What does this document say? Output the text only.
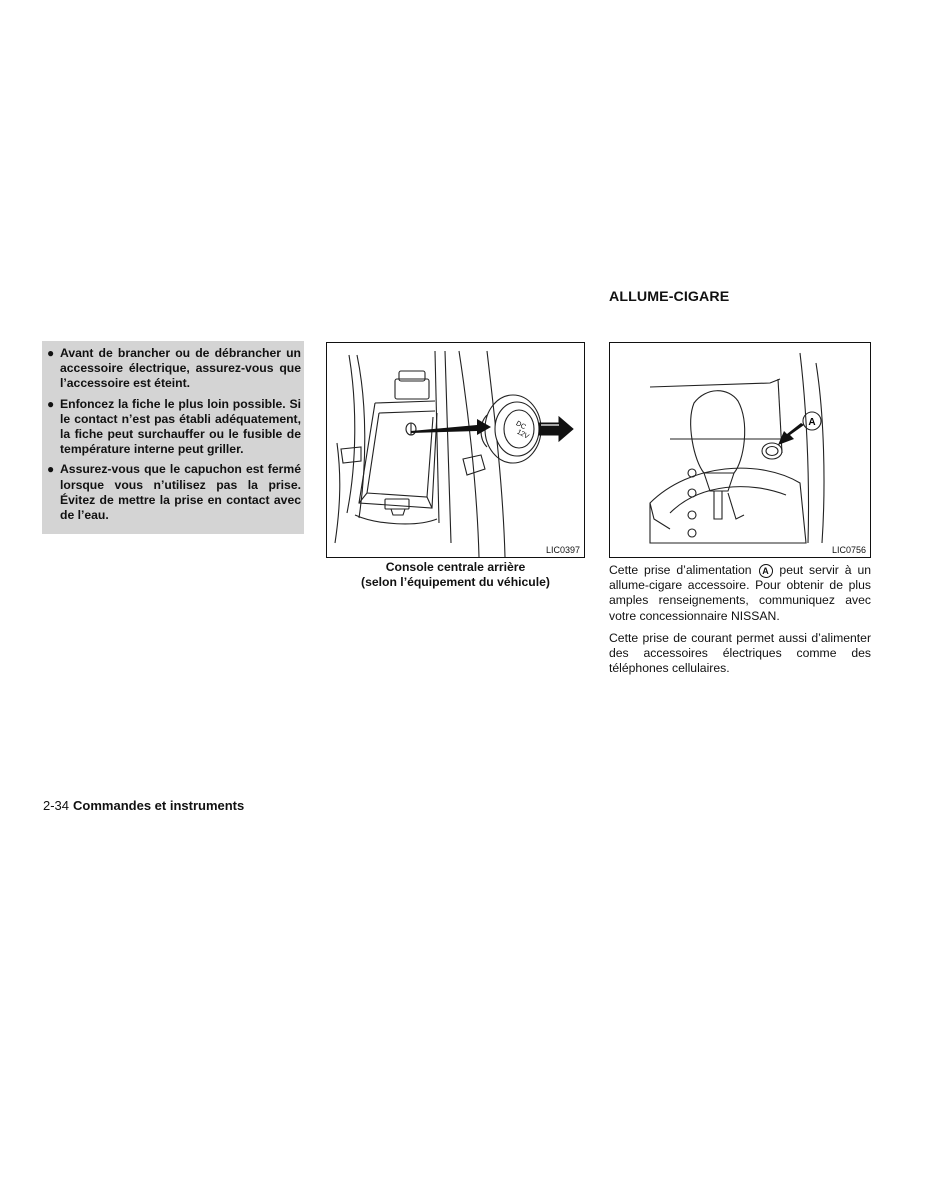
● Avant de brancher ou de débrancher un accessoire électrique, assurez-vous que l’accessoire est éteint.
● Enfoncez la fiche le plus loin possible. Si le contact n’est pas établi adéquatement, la fiche peut surchauffer ou le fusible de température interne peut griller.
● Assurez-vous que le capuchon est fermé lorsque vous n’utilisez pas la prise. Évitez de mettre la prise en contact avec de l’eau.
DC
12V
LIC0397
Console centrale arrière
(selon l’équipement du véhicule)
ALLUME-CIGARE
A
LIC0756

Cette prise d’alimentation A peut servir à un allume-cigare accessoire. Pour obtenir de plus amples renseignements, communiquez avec votre concessionnaire NISSAN.

Cette prise de courant permet aussi d’alimenter des accessoires électriques comme des téléphones cellulaires.

2-34 Commandes et instruments
